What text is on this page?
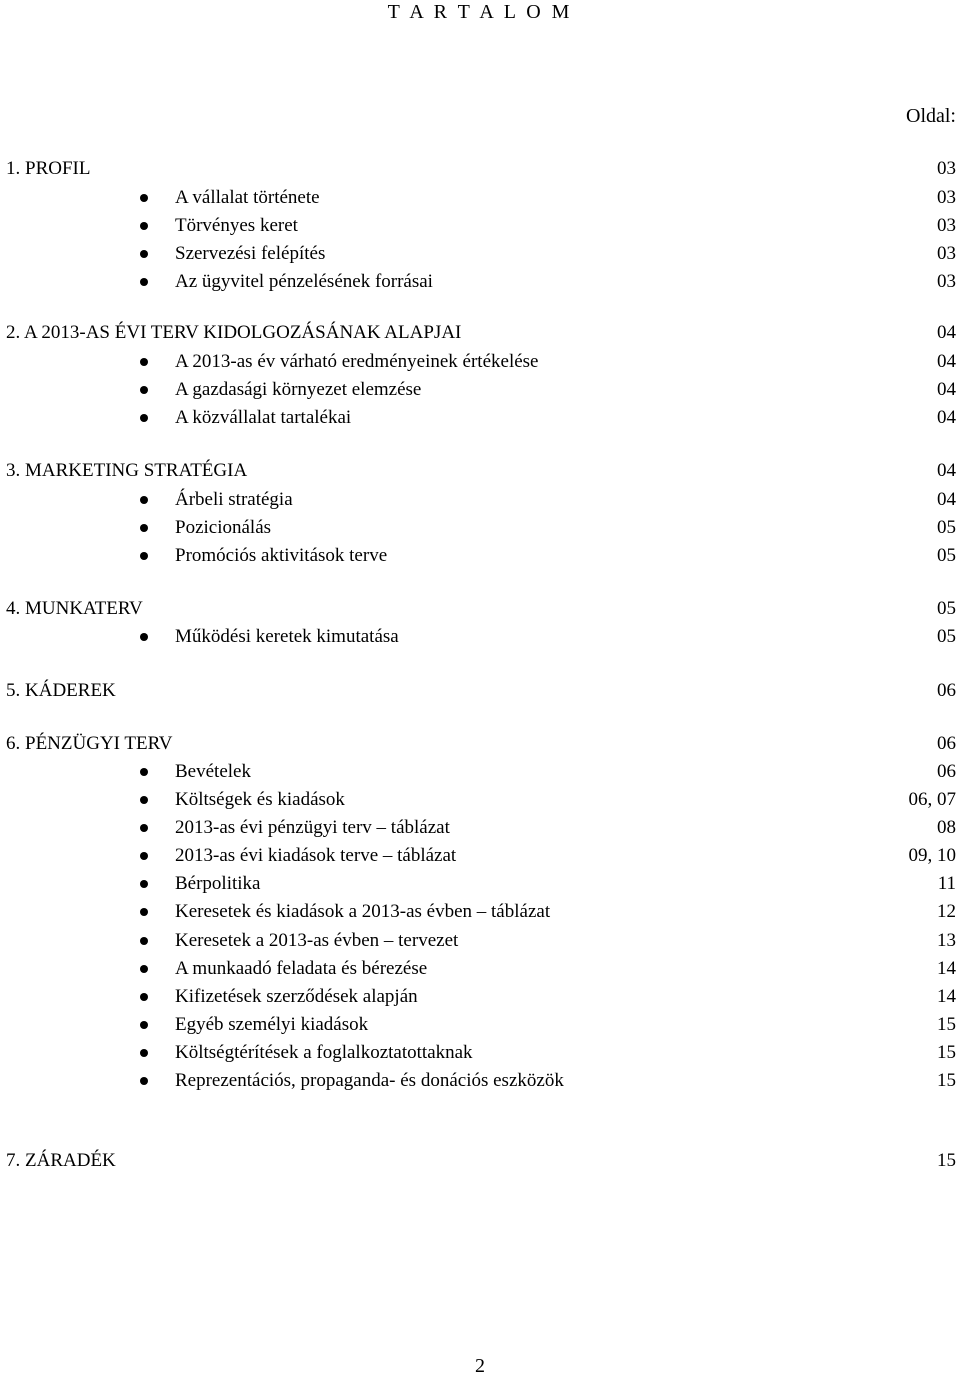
T A R T A L O M
Oldal:
1. PROFIL	03
A vállalat története	03
Törvényes keret	03
Szervezési felépítés	03
Az ügyvitel pénzelésének forrásai	03
2. A 2013-AS ÉVI TERV KIDOLGOZÁSÁNAK ALAPJAI	04
A 2013-as év várható eredményeinek értékelése	04
A gazdasági környezet elemzése	04
A közvállalat tartalékai	04
3. MARKETING STRATÉGIA	04
Árbeli stratégia	04
Pozicionálás	05
Promóciós aktivitások terve	05
4. MUNKATERV	05
Működési keretek kimutatása	05
5. KÁDEREK	06
6. PÉNZÜGYI TERV	06
Bevételek	06
Költségek és kiadások	06, 07
2013-as évi pénzügyi terv – táblázat	08
2013-as évi kiadások terve – táblázat	09, 10
Bérpolitika	11
Keresetek és kiadások a 2013-as évben – táblázat	12
Keresetek a 2013-as évben – tervezet	13
A munkaadó feladata és bérezése	14
Kifizetések szerződések alapján	14
Egyéb személyi kiadások	15
Költségtérítések a foglalkoztatottaknak	15
Reprezentációs, propaganda- és donációs eszközök	15
7. ZÁRADÉK	15
2
